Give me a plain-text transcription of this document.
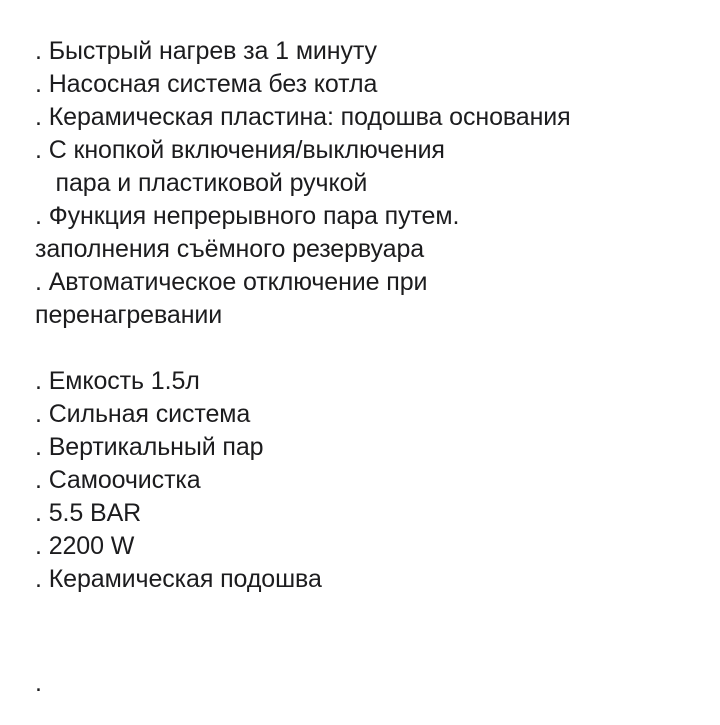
. Быстрый нагрев за 1 минуту
. Насосная система без котла
. Керамическая пластина: подошва основания
. С кнопкой включения/выключения
пара и пластиковой ручкой
. Функция непрерывного пара путем.
заполнения съёмного резервуара
. Автоматическое отключение при
перенагревании
. Емкость 1.5л
. Сильная система
. Вертикальный пар
. Самоочистка
. 5.5 BAR
. 2200 W
. Керамическая подошва
.
